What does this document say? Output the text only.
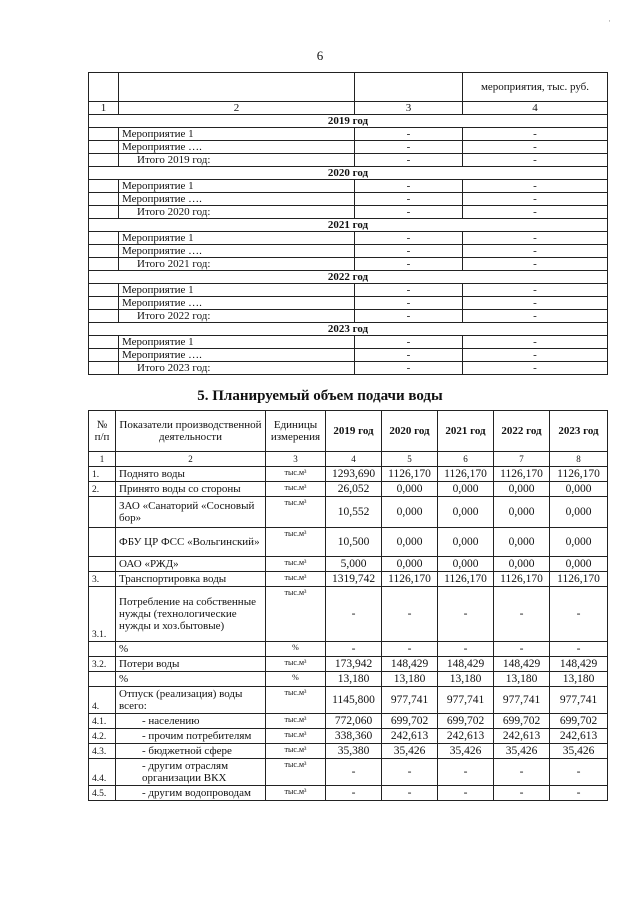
6
			мероприятия, тыс. руб.
1	2	3	4
2019 год			
	Мероприятие 1	-	-
	Мероприятие ….	-	-
	Итого 2019 год:	-	-
2020 год			
	Мероприятие 1	-	-
	Мероприятие ….	-	-
	Итого 2020 год:	-	-
2021 год			
	Мероприятие 1	-	-
	Мероприятие ….	-	-
	Итого 2021 год:	-	-
2022 год			
	Мероприятие 1	-	-
	Мероприятие ….	-	-
	Итого 2022 год:	-	-
2023 год			
	Мероприятие 1	-	-
	Мероприятие ….	-	-
	Итого 2023 год:	-	-
5. Планируемый объем подачи воды
№ п/п	Показатели производственной деятельности	Единицы измерения	2019 год	2020 год	2021 год	2022 год	2023 год
1	2	3	4	5	6	7	8
1.	Поднято воды	тыс.м³	1293,690	1126,170	1126,170	1126,170	1126,170
2.	Принято воды со стороны	тыс.м³	26,052	0,000	0,000	0,000	0,000
	ЗАО «Санаторий «Сосновый бор»	тыс.м³	10,552	0,000	0,000	0,000	0,000
	ФБУ ЦР ФСС «Вольгинский»	тыс.м³	10,500	0,000	0,000	0,000	0,000
	ОАО «РЖД»	тыс.м³	5,000	0,000	0,000	0,000	0,000
3.	Транспортировка воды	тыс.м³	1319,742	1126,170	1126,170	1126,170	1126,170
3.1.	Потребление на собственные нужды (технологические нужды и хоз.бытовые)	тыс.м³	-	-	-	-	-
	%	%	-	-	-	-	-
3.2.	Потери воды	тыс.м³	173,942	148,429	148,429	148,429	148,429
	%	%	13,180	13,180	13,180	13,180	13,180
4.	Отпуск (реализация) воды всего:	тыс.м³	1145,800	977,741	977,741	977,741	977,741
4.1.	- населению	тыс.м³	772,060	699,702	699,702	699,702	699,702
4.2.	- прочим потребителям	тыс.м³	338,360	242,613	242,613	242,613	242,613
4.3.	- бюджетной сфере	тыс.м³	35,380	35,426	35,426	35,426	35,426
4.4.	- другим отраслям организации ВКХ	тыс.м³	-	-	-	-	-
4.5.	- другим водопроводам	тыс.м³	-	-	-	-	-
·
